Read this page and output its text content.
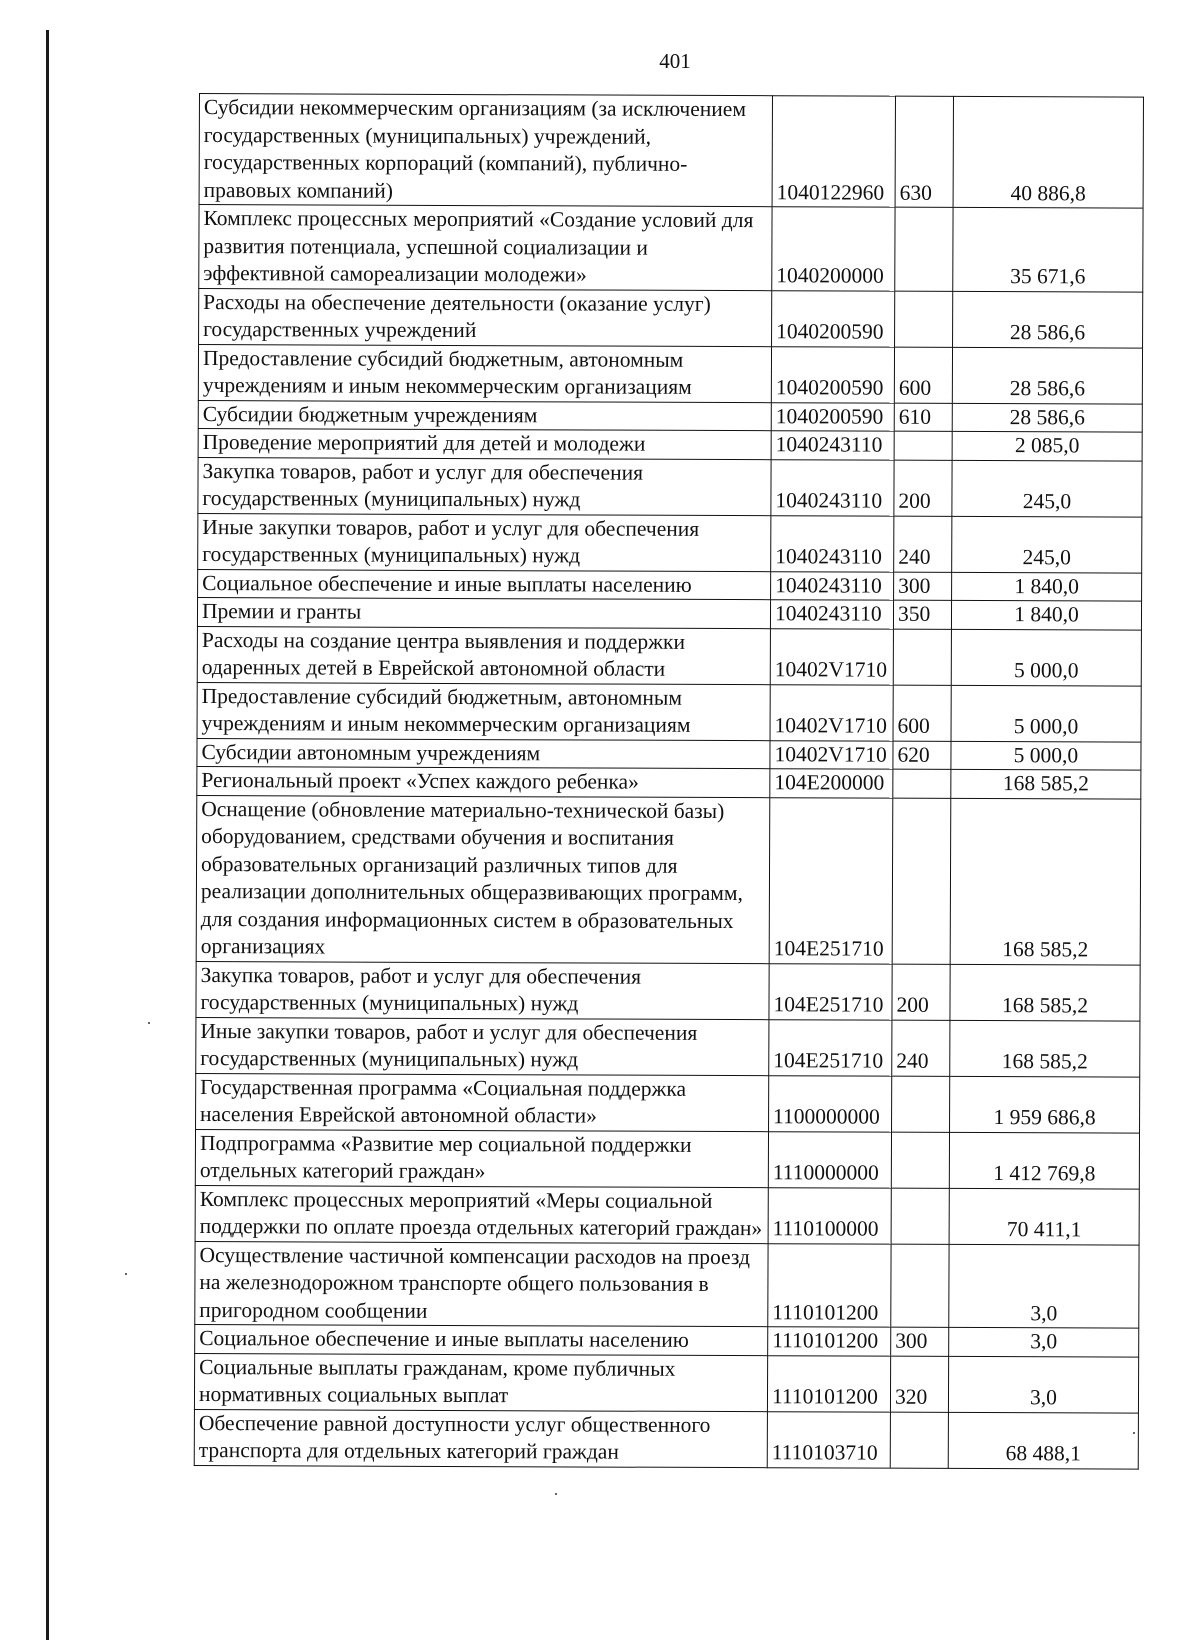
401
Субсидии некоммерческим организациям (за исключением государственных (муниципальных) учреждений, государственных корпораций (компаний), публично-правовых компаний)	1040122960	630	40 886,8
Комплекс процессных мероприятий «Создание условий для развития потенциала, успешной социализации и эффективной самореализации молодежи»	1040200000		35 671,6
Расходы на обеспечение деятельности (оказание услуг) государственных учреждений	1040200590		28 586,6
Предоставление субсидий бюджетным, автономным учреждениям и иным некоммерческим организациям	1040200590	600	28 586,6
Субсидии бюджетным учреждениям	1040200590	610	28 586,6
Проведение мероприятий для детей и молодежи	1040243110		2 085,0
Закупка товаров, работ и услуг для обеспечения государственных (муниципальных) нужд	1040243110	200	245,0
Иные закупки товаров, работ и услуг для обеспечения государственных (муниципальных) нужд	1040243110	240	245,0
Социальное обеспечение и иные выплаты населению	1040243110	300	1 840,0
Премии и гранты	1040243110	350	1 840,0
Расходы на создание центра выявления и поддержки одаренных детей в Еврейской автономной области	10402V1710		5 000,0
Предоставление субсидий бюджетным, автономным учреждениям и иным некоммерческим организациям	10402V1710	600	5 000,0
Субсидии автономным учреждениям	10402V1710	620	5 000,0
Региональный проект «Успех каждого ребенка»	104E200000		168 585,2
Оснащение (обновление материально-технической базы) оборудованием, средствами обучения и воспитания образовательных организаций различных типов для реализации дополнительных общеразвивающих программ, для создания информационных систем в образовательных организациях	104E251710		168 585,2
Закупка товаров, работ и услуг для обеспечения государственных (муниципальных) нужд	104E251710	200	168 585,2
Иные закупки товаров, работ и услуг для обеспечения государственных (муниципальных) нужд	104E251710	240	168 585,2
Государственная программа «Социальная поддержка населения Еврейской автономной области»	1100000000		1 959 686,8
Подпрограмма «Развитие мер социальной поддержки отдельных категорий граждан»	1110000000		1 412 769,8
Комплекс процессных мероприятий «Меры социальной поддержки по оплате проезда отдельных категорий граждан»	1110100000		70 411,1
Осуществление частичной компенсации расходов на проезд на железнодорожном транспорте общего пользования в пригородном сообщении	1110101200		3,0
Социальное обеспечение и иные выплаты населению	1110101200	300	3,0
Социальные выплаты гражданам, кроме публичных нормативных социальных выплат	1110101200	320	3,0
Обеспечение равной доступности услуг общественного транспорта для отдельных категорий граждан	1110103710		68 488,1
